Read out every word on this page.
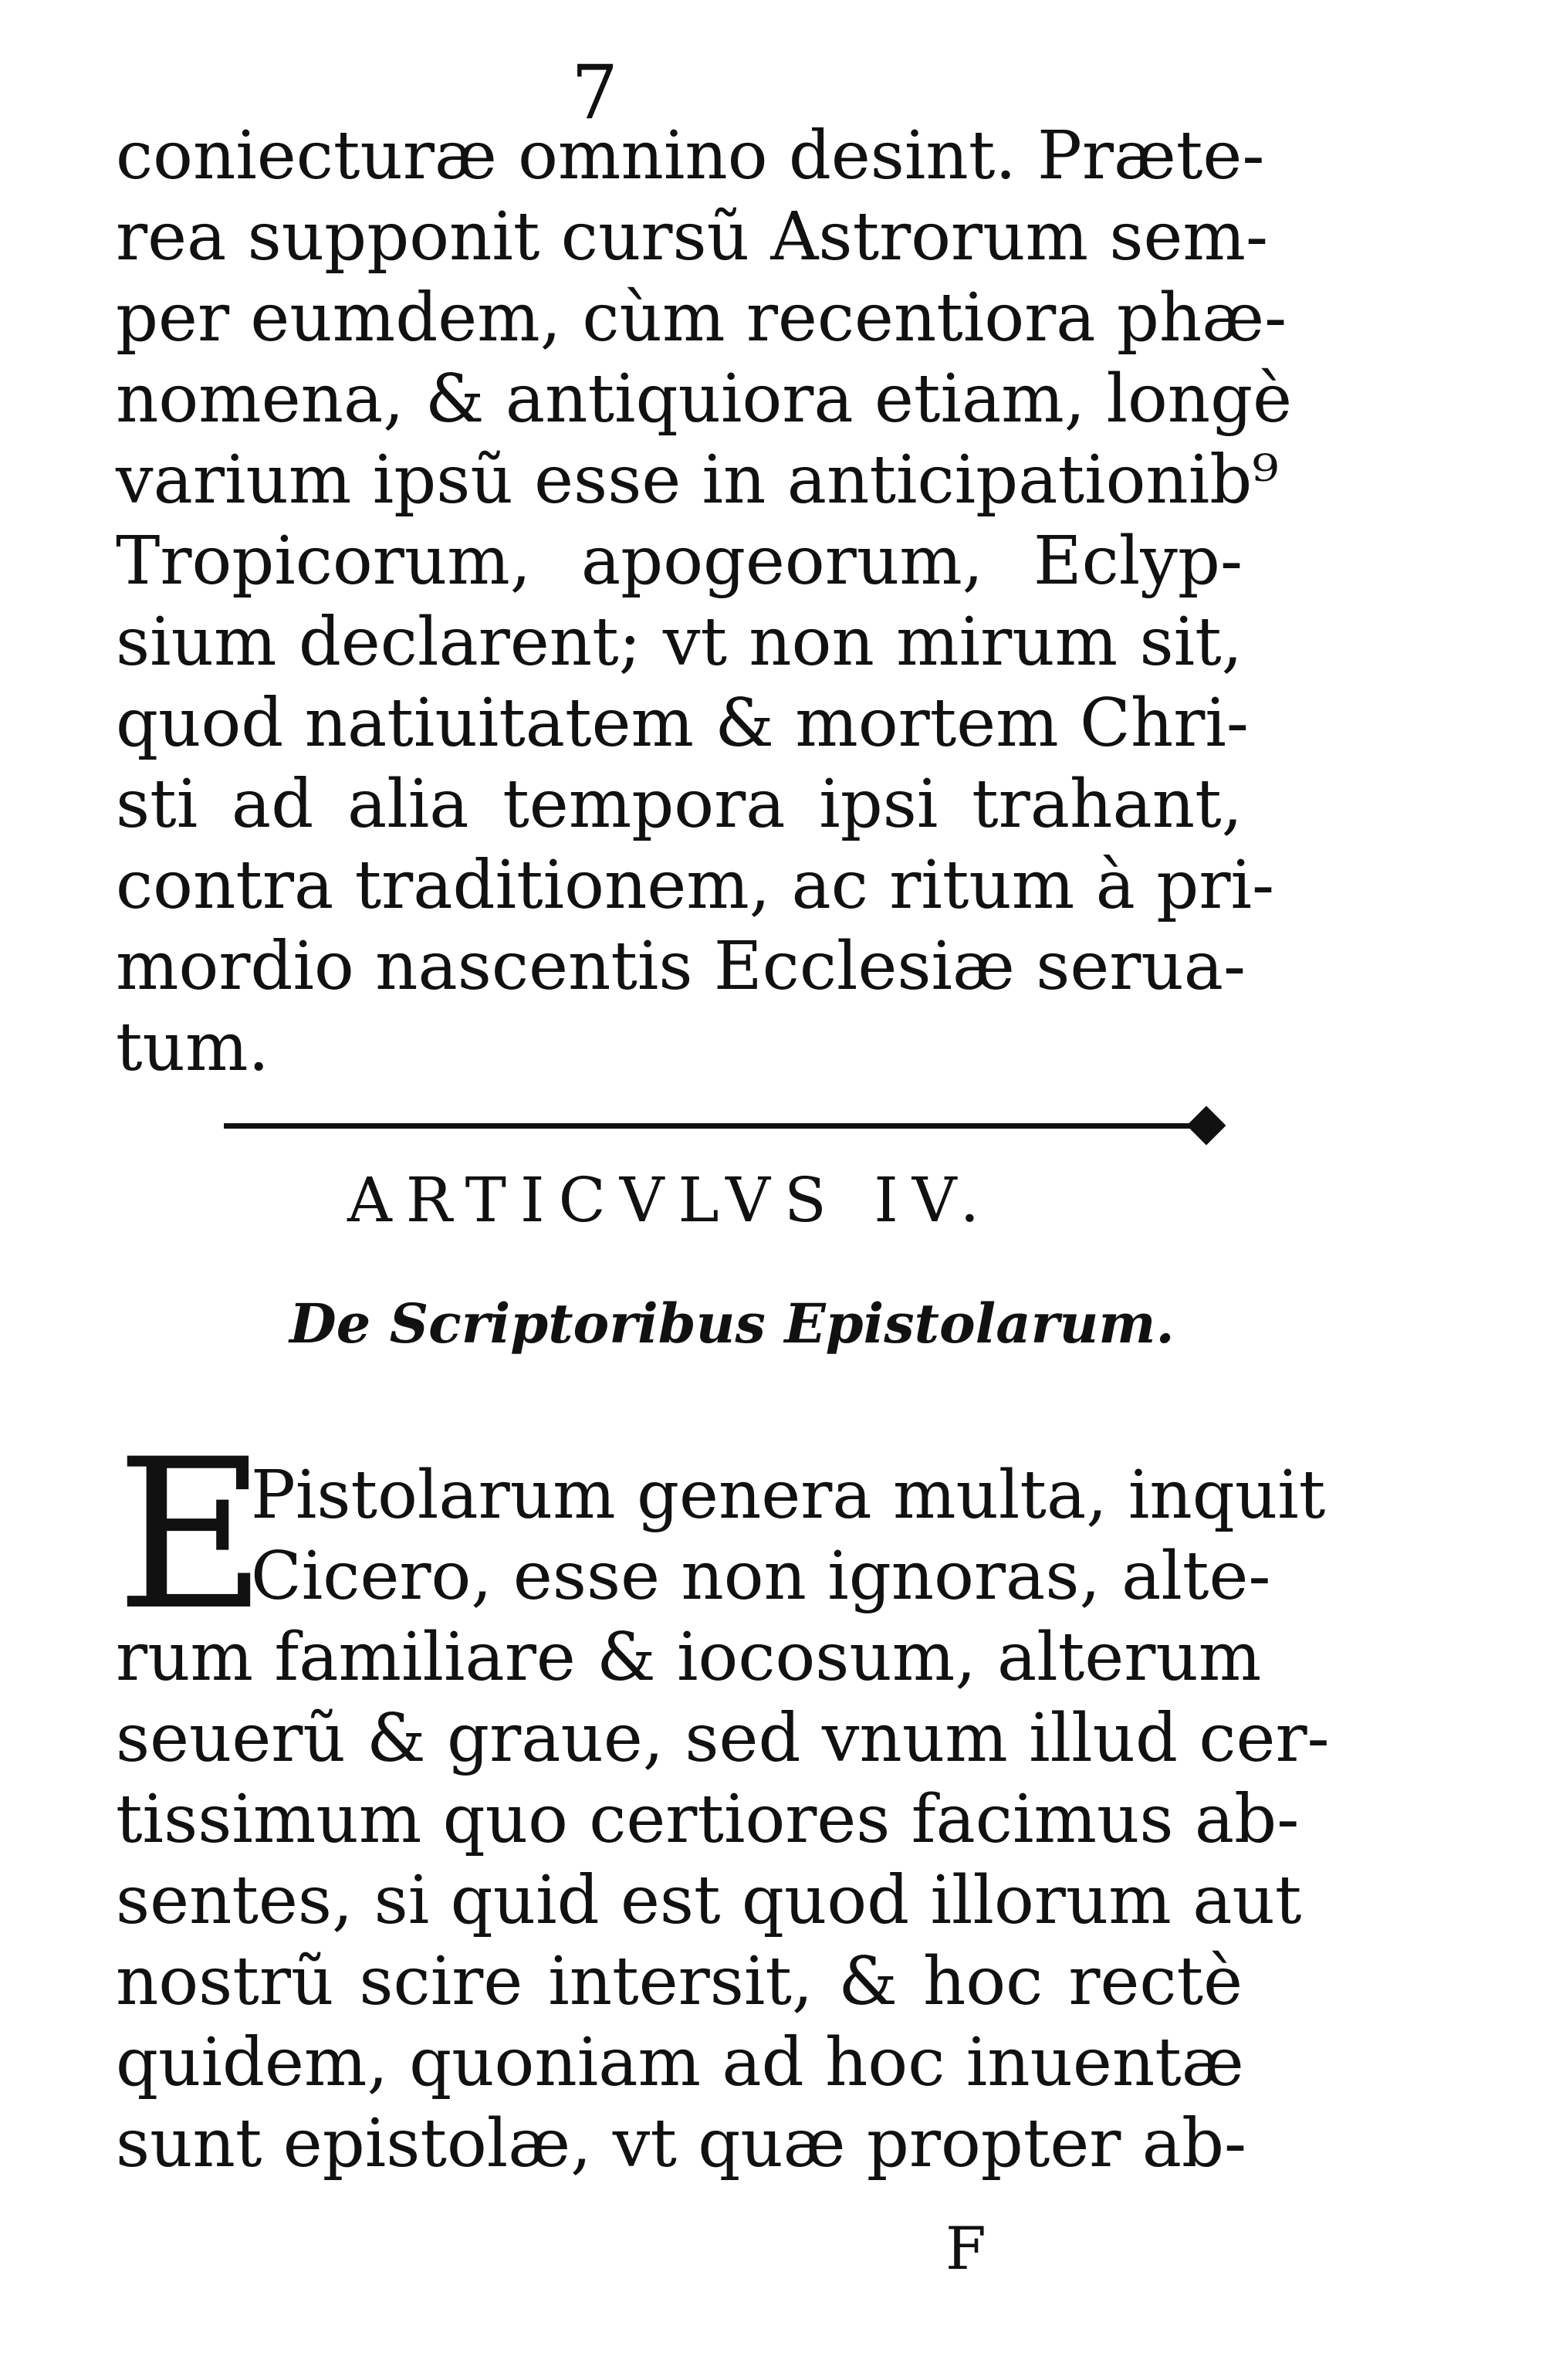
7
coniecturæ omnino desint. Præte-
rea supponit cursũ Astrorum sem-
per eumdem, cùm recentiora phæ-
nomena, & antiquiora etiam, longè
varium ipsũ esse in anticipationib⁹
Tropicorum, apogeorum, Eclyp-
sium declarent; vt non mirum sit,
quod natiuitatem & mortem Chri-
sti ad alia tempora ipsi trahant,
contra traditionem, ac ritum à pri-
mordio nascentis Ecclesiæ serua-
tum.
ARTICVLVS IV.
De Scriptoribus Epistolarum.
E
Pistolarum genera multa, inquit
Cicero, esse non ignoras, alte-
rum familiare & iocosum, alterum
seuerũ & graue, sed vnum illud cer-
tissimum quo certiores facimus ab-
sentes, si quid est quod illorum aut
nostrũ scire intersit, & hoc rectè
quidem, quoniam ad hoc inuentæ
sunt epistolæ, vt quæ propter ab-
F
